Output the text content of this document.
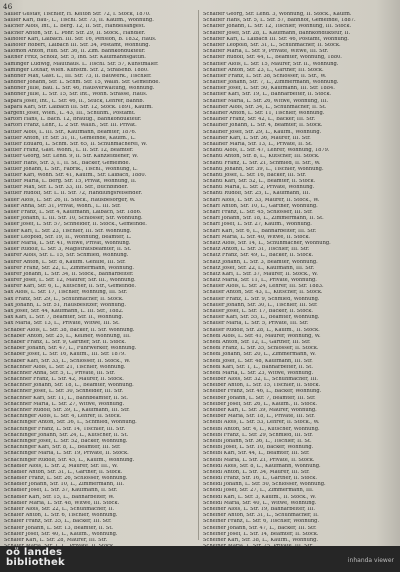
46
Sailler Gustav, Tischler, H. Keltoh Str. 72, I. Stock, 1870.
Sailler Karl, Bau-, L., Tischl. Str. 73, II. Kaufm., Wohnung.
Salcher Alois, Int., L. Berg. 12, II. Str., Handelsangest.
Salcher Anton, Str. L. Pöhr. Str. 29, II. Stock., Händler.
Salhofer Karl, Laibach. III. Str. 16, Pension, B. 1832, Haus.
Salhofer Robert, Laibach III. Str. 34, Postamt, Wohnung.
Salomon Anton, Rud. Str. 36, II. Zim. Bahnkondukteur.
Saltner Fritz, Scholz, Str. 5, Ind. Str. Kaufmannsgattin.
Saminger Ludwig, Mauthaus. L. Tischl. Str. 57, Kunstmaler.
Saminger Lothar, Wien. Kunstm. Str. 2, Straßenb. 1880.
Sandner Max, Gast. L., III. Str. 73, II. Bauwerk., Tischler.
Sandner Johann, Str. L. Schm. Str. 15, Wallh. Str. Gemeinde.
Sandner Julie, Bau. L. Str. 46, Hausverwaltung, Wohnung.
Sandner Julie, L. Str. 15, Str. Int., Wohn. Strasse, Haus.
Sapara Josef, Int., L. Str. 46, II., Stück, Lehrer, Bahnb.
Sapara Karl, Str. Laibach III. Str. 12, Stock. 1891, Kaufm.
Sargent Josef, Wien., L. 43, III., Schuhm., Postamt.
Sartori Hans, L. Bach. 12, Bräutig., Bahnkondukteur.
Sartori Franz, Lehr., L. 2 Str. Wallh., Str. III. Privat.
Sattler Alois, L. III. Str., Kaufmann, Beamter, 1876.
Sattler Anton, Tr. Str. 31, II., Gemeinde, Kaufm., L.
Sattler Eduard, L. Schm. Str. 65, II. Schuhmacherei, W.
Sattler Franz, Gast. Wohn., L. II. Str. 12, Beamter.
Sattler Georg, Str. Lend. 9, II. Str. Kanzleidiener, W.
Sattler Hans, Str. 3, I., II. St., Bäcker, Gemeinde.
Sattler Johann, L. Str., Fabrik., Tischl., Wohnung, L.
Sattler Karl, Wohn. Str. 41, Kaufm., Str. Laibach, 1880.
Sattler Maria, L. Berg. Str. 15, Privat, Wohnung, II.
Sattler Max, Str. L. Str. 33, III. Str., Buchbinder.
Sattler Rudolf, Str. L. II. Str. 72, Handlungsreisender.
Sauer Alois, L. Str. 26, II. Stock., Hausbesorger, W.
Sauer Anna, Str. 31, Privat, Wohn., L. III. Str.
Sauer Franz, L. Str. 4, Kaufmann, Laibach, Str. 1886.
Sauer Johann, L. III. Str. 10, Schlosser, Str. Wohnung.
Sauer Josef, L. Str. 57, Schneider, II. Stock., Gemeinde.
Sauer Karl, L. Str. 23, Tischler, III. Str. Wohnung.
Sauer Leopold, Str. 19, II., Wohnung, Beamter, L.
Sauer Maria, L. Str. 41, Witwe, Privat, Wohnung.
Sauer Rudolf, L. Str. 3, Magistratsbeamter, II. St.
Saurer Alois, Str. L. 15, Str. Schmied, Wohnung.
Saurer Anton, L. Str. 8, Kaufm. Gehilfe, III. Str.
Saurer Franz, Str. 22, L., Zimmermann, Wohnung.
Saurer Johann, L. Str. 34, II. Stock., Bahnarbeiter.
Saurer Josef, L. Str. 12, Maurer, Str. III., Wohnung.
Saurer Karl, Str. 6, L., Kutscher, II. Str., Gemeinde.
Sax Alois, L. Str. 17, Tischler, Wohnung, III. Str.
Sax Franz, Str. 29, L., Schuhmacher, II. Stock.
Sax Johann, L. Str. 51, Hausbesitzer, Wohnung.
Sax Josef, Str. 44, Kaufmann, L. III. Str., 1882.
Sax Karl, L. Str. 7, Beamter, Str. II., Wohnung.
Sax Maria, Str. 13, L., Private, Witwe, III. St.
Schaber Alois, L. Str. 38, Bäcker, II. Str. Wohnung.
Schaber Anton, Str. 25, L., Kellner, Wohnung, III.
Schaber Franz, L. Str. 9, Gärtner, Str. II. Stock.
Schaber Johann, Str. 47, L., Fuhrwerker, Wohnung.
Schaber Josef, L. Str. 16, Kaufm., III. Str. 1879.
Schaber Karl, Str. 33, L., Schlosser, II. Stock., W.
Schachner Alois, L. Str. 21, Tischler, Wohnung.
Schachner Anna, Str. 5, L., Private, III. Str.
Schachner Franz, L. Str. 42, Maurer, II. Stock.
Schachner Johann, Str. 18, L., Beamter, Wohnung.
Schachner Josef, L. Str. 30, Schneider, III. Str.
Schachner Karl, Str. 11, L., Bahnbeamter, II. St.
Schachner Maria, L. Str. 27, Witwe, Wohnung.
Schachner Rudolf, Str. 39, L., Kaufmann, III. Str.
Schachinger Alois, L. Str. 4, Lehrer, II. Stock.
Schachinger Anton, Str. 36, L., Schmied, Wohnung.
Schachinger Franz, L. Str. 14, Tischler, III. Str.
Schachinger Johann, Str. 24, L., Kutscher, II. St.
Schachinger Josef, L. Str. 52, Bäcker, Wohnung.
Schachinger Karl, Str. 8, L., Beamter, III. Str.
Schachinger Maria, L. Str. 19, Private, II. Stock.
Schachinger Rudolf, Str. 45, L., Kaufm., Wohnung.
Schadler Alois, L. Str. 2, Maurer, Str. III., W.
Schadler Anton, Str. 31, L., Gärtner, II. Stock.
Schadler Franz, L. Str. 26, Schlosser, Wohnung.
Schadler Johann, Str. 10, L., Zimmermann, III.
Schadler Josef, L. Str. 37, Kaufmann, II. Str.
Schadler Karl, Str. 15, L., Bahnarbeiter, W.
Schadler Maria, L. Str. 48, Witwe, III. Stock.
Schäfer Alois, Str. 22, L., Schuhmacher, II.
Schäfer Anton, L. Str. 6, Tischler, Wohnung.
Schäfer Franz, Str. 35, L., Bäcker, III. Str.
Schäfer Johann, L. Str. 13, Beamter, II. St.
Schäfer Josef, Str. 40, L., Kaufm., Wohnung.
Schäfer Karl, L. Str. 28, Maurer, III. Str.
Schaffer Georg, Str. Lend. 3, Wohnung, II. Stock., Kaufm.
Schaffer Hans, Str. 5, L. Str. 57, Bahnhof, Gemeinde, 1887.
Schaffer Johann, L. Str. 12, Tischler, Wohnung, III. Stock.
Schaffer Josef, Str. 28, L. Kaufmann, Bahnkondukteur, II.
Schaffer Karl, L. Laibach III. Str. 46, Postamt, Wohnung.
Schaffer Leopold, Str. 31, L., Schuhmacher, II. Stock.
Schaffer Maria, L. Str. 9, Private, Witwe, III. Str.
Schaffer Rudolf, Str. 44, L., Beamter, Wohnung, 1880.
Schaffler Alois, L. Str. 15, Maurer, Str. II., Wohnung.
Schaffler Anton, Str. 23, L., Gärtner, III. Stock.
Schaffler Franz, L. Str. 38, Schlosser, II. Str., W.
Schaffler Johann, Str. 7, L., Zimmermann, Wohnung.
Schaffler Josef, L. Str. 50, Kaufmann, III. Str. 1884.
Schaffler Karl, Str. 19, L., Bahnarbeiter, II. Stock.
Schaffler Maria, L. Str. 26, Witwe, Wohnung, III.
Schallner Alois, Str. 34, L., Schuhmacher, II. St.
Schallner Anton, L. Str. 11, Tischler, Wohnung.
Schallner Franz, Str. 42, L., Bäcker, III. Str.
Schallner Johann, L. Str. 4, Beamter, II. Stock.
Schallner Josef, Str. 29, L., Kaufm., Wohnung.
Schallner Karl, L. Str. 36, Maurer, III. Str.
Schallner Maria, Str. 13, L., Private, II. St.
Schantl Alois, L. Str. 47, Lehrer, Wohnung, 1879.
Schantl Anton, Str. 8, L., Kutscher, III. Stock.
Schantl Franz, L. Str. 21, Schmied, II. Str., W.
Schantl Johann, Str. 39, L., Tischler, Wohnung.
Schantl Josef, L. Str. 16, Bäcker, III. Str.
Schantl Karl, Str. 52, L., Beamter, II. Stock.
Schantl Maria, L. Str. 2, Private, Wohnung.
Schantl Rudolf, Str. 25, L., Kaufmann, III.
Scharf Alois, L. Str. 33, Maurer, II. Stock., W.
Scharf Anton, Str. 10, L., Gärtner, Wohnung.
Scharf Franz, L. Str. 45, Schlosser, III. Str.
Scharf Johann, Str. 18, L., Zimmermann, II. St.
Scharf Josef, L. Str. 27, Kaufm., Wohnung.
Scharf Karl, Str. 6, L., Bahnarbeiter, III. Str.
Scharf Maria, L. Str. 40, Witwe, II. Stock.
Schatz Alois, Str. 14, L., Schuhmacher, Wohnung.
Schatz Anton, L. Str. 31, Tischler, III. Str.
Schatz Franz, Str. 49, L., Bäcker, II. Stock.
Schatz Johann, L. Str. 3, Beamter, Wohnung.
Schatz Josef, Str. 22, L., Kaufmann, III. Str.
Schatz Karl, L. Str. 37, Maurer, II. Stock., W.
Schatz Maria, Str. 11, L., Private, Wohnung.
Schauer Alois, L. Str. 24, Lehrer, III. Str. 1883.
Schauer Anton, Str. 43, L., Kutscher, II. Stock.
Schauer Franz, L. Str. 9, Schmied, Wohnung.
Schauer Johann, Str. 30, L., Tischler, III. Str.
Schauer Josef, L. Str. 17, Bäcker, II. Stock.
Schauer Karl, Str. 55, L., Beamter, Wohnung.
Schauer Maria, L. Str. 5, Private, III. Str.
Schauer Rudolf, Str. 28, L., Kaufm., II. Stock.
Schedl Alois, L. Str. 41, Maurer, Wohnung, W.
Schedl Anton, Str. 12, L., Gärtner, III. Str.
Schedl Franz, L. Str. 35, Schlosser, II. Stock.
Schedl Johann, Str. 20, L., Zimmermann, W.
Schedl Josef, L. Str. 48, Kaufmann, III. Str.
Schedl Karl, Str. 1, L., Bahnarbeiter, II. St.
Schedl Maria, L. Str. 23, Witwe, Wohnung.
Scheiber Alois, Str. 32, L., Schuhmacher, III.
Scheiber Anton, L. Str. 15, Tischler, II. Stock.
Scheiber Franz, Str. 46, L., Bäcker, Wohnung.
Scheiber Johann, L. Str. 7, Beamter, III. Str.
Scheiber Josef, Str. 26, L., Kaufm., II. Stock.
Scheiber Karl, L. Str. 39, Maurer, Wohnung.
Scheiber Maria, Str. 18, L., Private, III. Str.
Scheibl Alois, L. Str. 53, Lehrer, II. Stock., W.
Scheibl Anton, Str. 4, L., Kutscher, Wohnung.
Scheibl Franz, L. Str. 29, Schmied, III. Str.
Scheibl Johann, Str. 36, L., Tischler, II. St.
Scheibl Josef, L. Str. 10, Bäcker, Wohnung.
Scheibl Karl, Str. 44, L., Beamter, III. Str.
Scheibl Maria, L. Str. 21, Private, II. Stock.
Scheidl Alois, Str. 8, L., Kaufmann, Wohnung.
Scheidl Anton, L. Str. 34, Maurer, III. Str.
Scheidl Franz, Str. 16, L., Gärtner, II. Stock.
Scheidl Johann, L. Str. 50, Schlosser, Wohnung.
Scheidl Josef, Str. 27, L., Zimmermann, III.
Scheidl Karl, L. Str. 3, Kaufm., II. Stock., W.
Scheidl Maria, Str. 40, L., Witwe, Wohnung.
Scheiner Alois, L. Str. 19, Bahnarbeiter, III.
Scheiner Anton, Str. 31, L., Schuhmacher, II.
Scheiner Franz, L. Str. 6, Tischler, Wohnung.
Scheiner Johann, Str. 47, L., Bäcker, III. Str.
Scheiner Josef, L. Str. 14, Beamter, II. Stock.
Scheiner Karl, Str. 38, L., Kaufm., Wohnung.
oö landes
bibliothek	inhanda viewer
